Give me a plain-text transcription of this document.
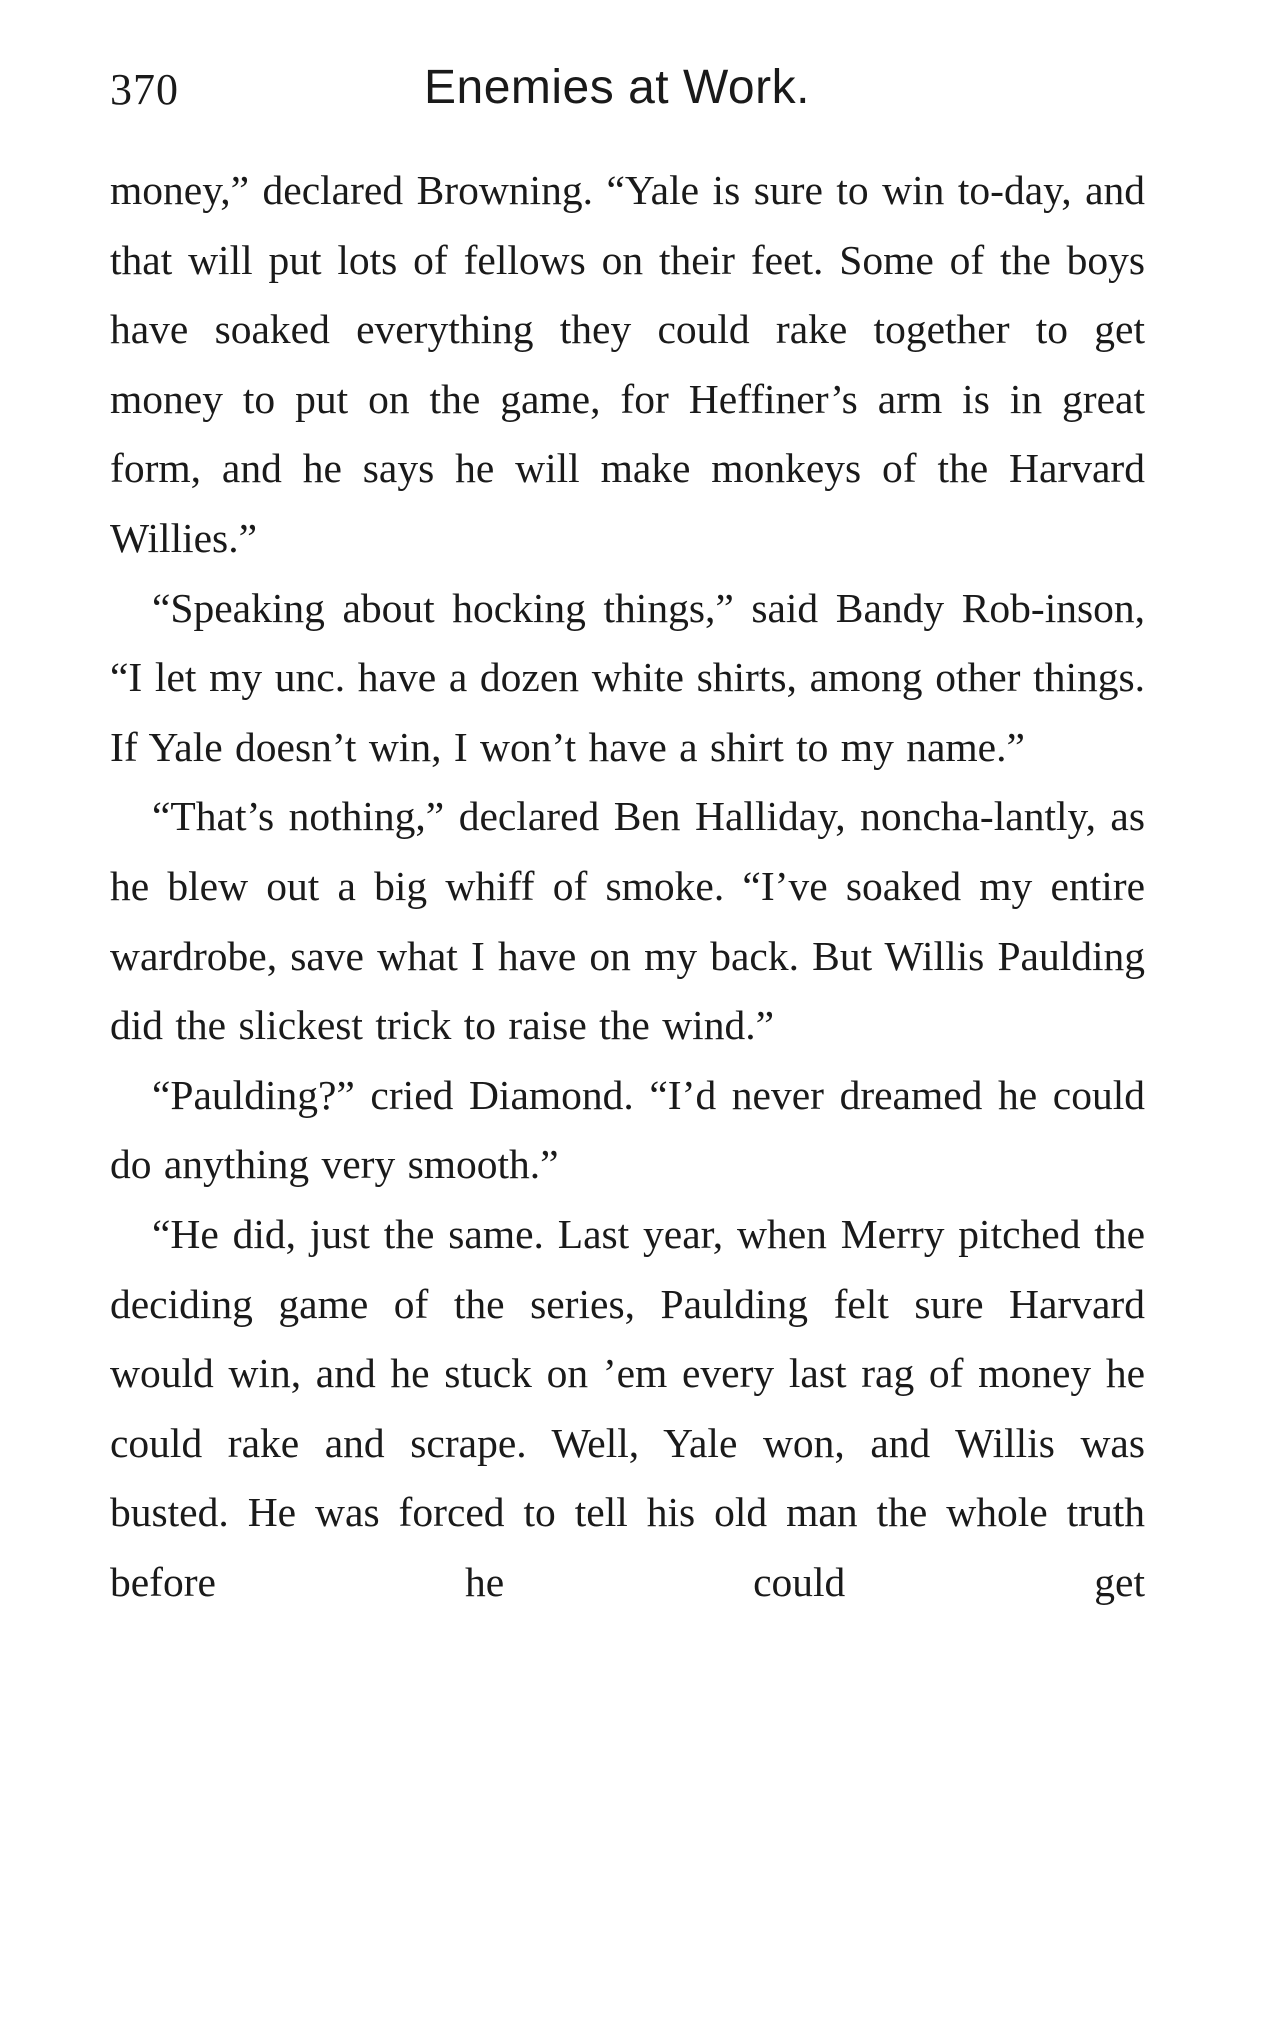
370	Enemies at Work.

money,” declared Browning. “Yale is sure to win to-day, and that will put lots of fellows on their feet. Some of the boys have soaked everything they could rake together to get money to put on the game, for Heffiner’s arm is in great form, and he says he will make monkeys of the Harvard Willies.”

“Speaking about hocking things,” said Bandy Rob-inson, “I let my unc. have a dozen white shirts, among other things. If Yale doesn’t win, I won’t have a shirt to my name.”

“That’s nothing,” declared Ben Halliday, noncha-lantly, as he blew out a big whiff of smoke. “I’ve soaked my entire wardrobe, save what I have on my back. But Willis Paulding did the slickest trick to raise the wind.”

“Paulding?” cried Diamond. “I’d never dreamed he could do anything very smooth.”

“He did, just the same. Last year, when Merry pitched the deciding game of the series, Paulding felt sure Harvard would win, and he stuck on ’em every last rag of money he could rake and scrape. Well, Yale won, and Willis was busted. He was forced to tell his old man the whole truth before he could get
